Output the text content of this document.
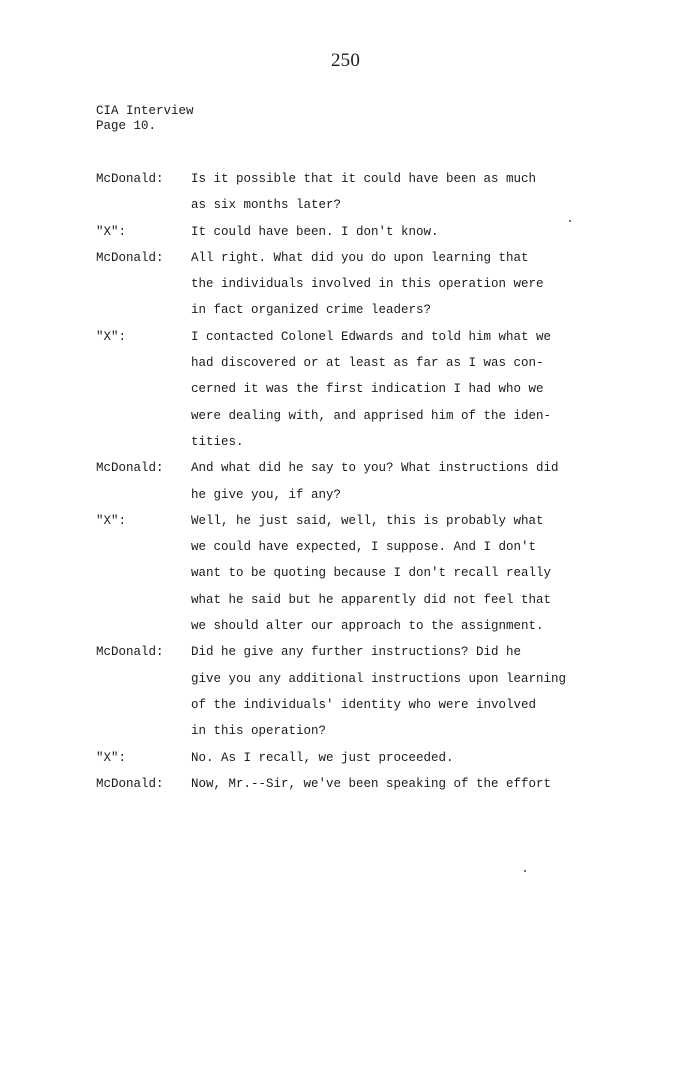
250
CIA Interview
Page 10.
McDonald: Is it possible that it could have been as much
as six months later?
"X":	It could have been. I don't know.
McDonald: All right. What did you do upon learning that
the individuals involved in this operation were
in fact organized crime leaders?
"X":	I contacted Colonel Edwards and told him what we
had discovered or at least as far as I was con-
cerned it was the first indication I had who we
were dealing with, and apprised him of the iden-
tities.
McDonald: And what did he say to you? What instructions did
he give you, if any?
"X":	Well, he just said, well, this is probably what
we could have expected, I suppose. And I don't
want to be quoting because I don't recall really
what he said but he apparently did not feel that
we should alter our approach to the assignment.
McDonald: Did he give any further instructions? Did he
give you any additional instructions upon learning
of the individuals' identity who were involved
in this operation?
"X":	No. As I recall, we just proceeded.
McDonald: Now, Mr.--Sir, we've been speaking of the effort
